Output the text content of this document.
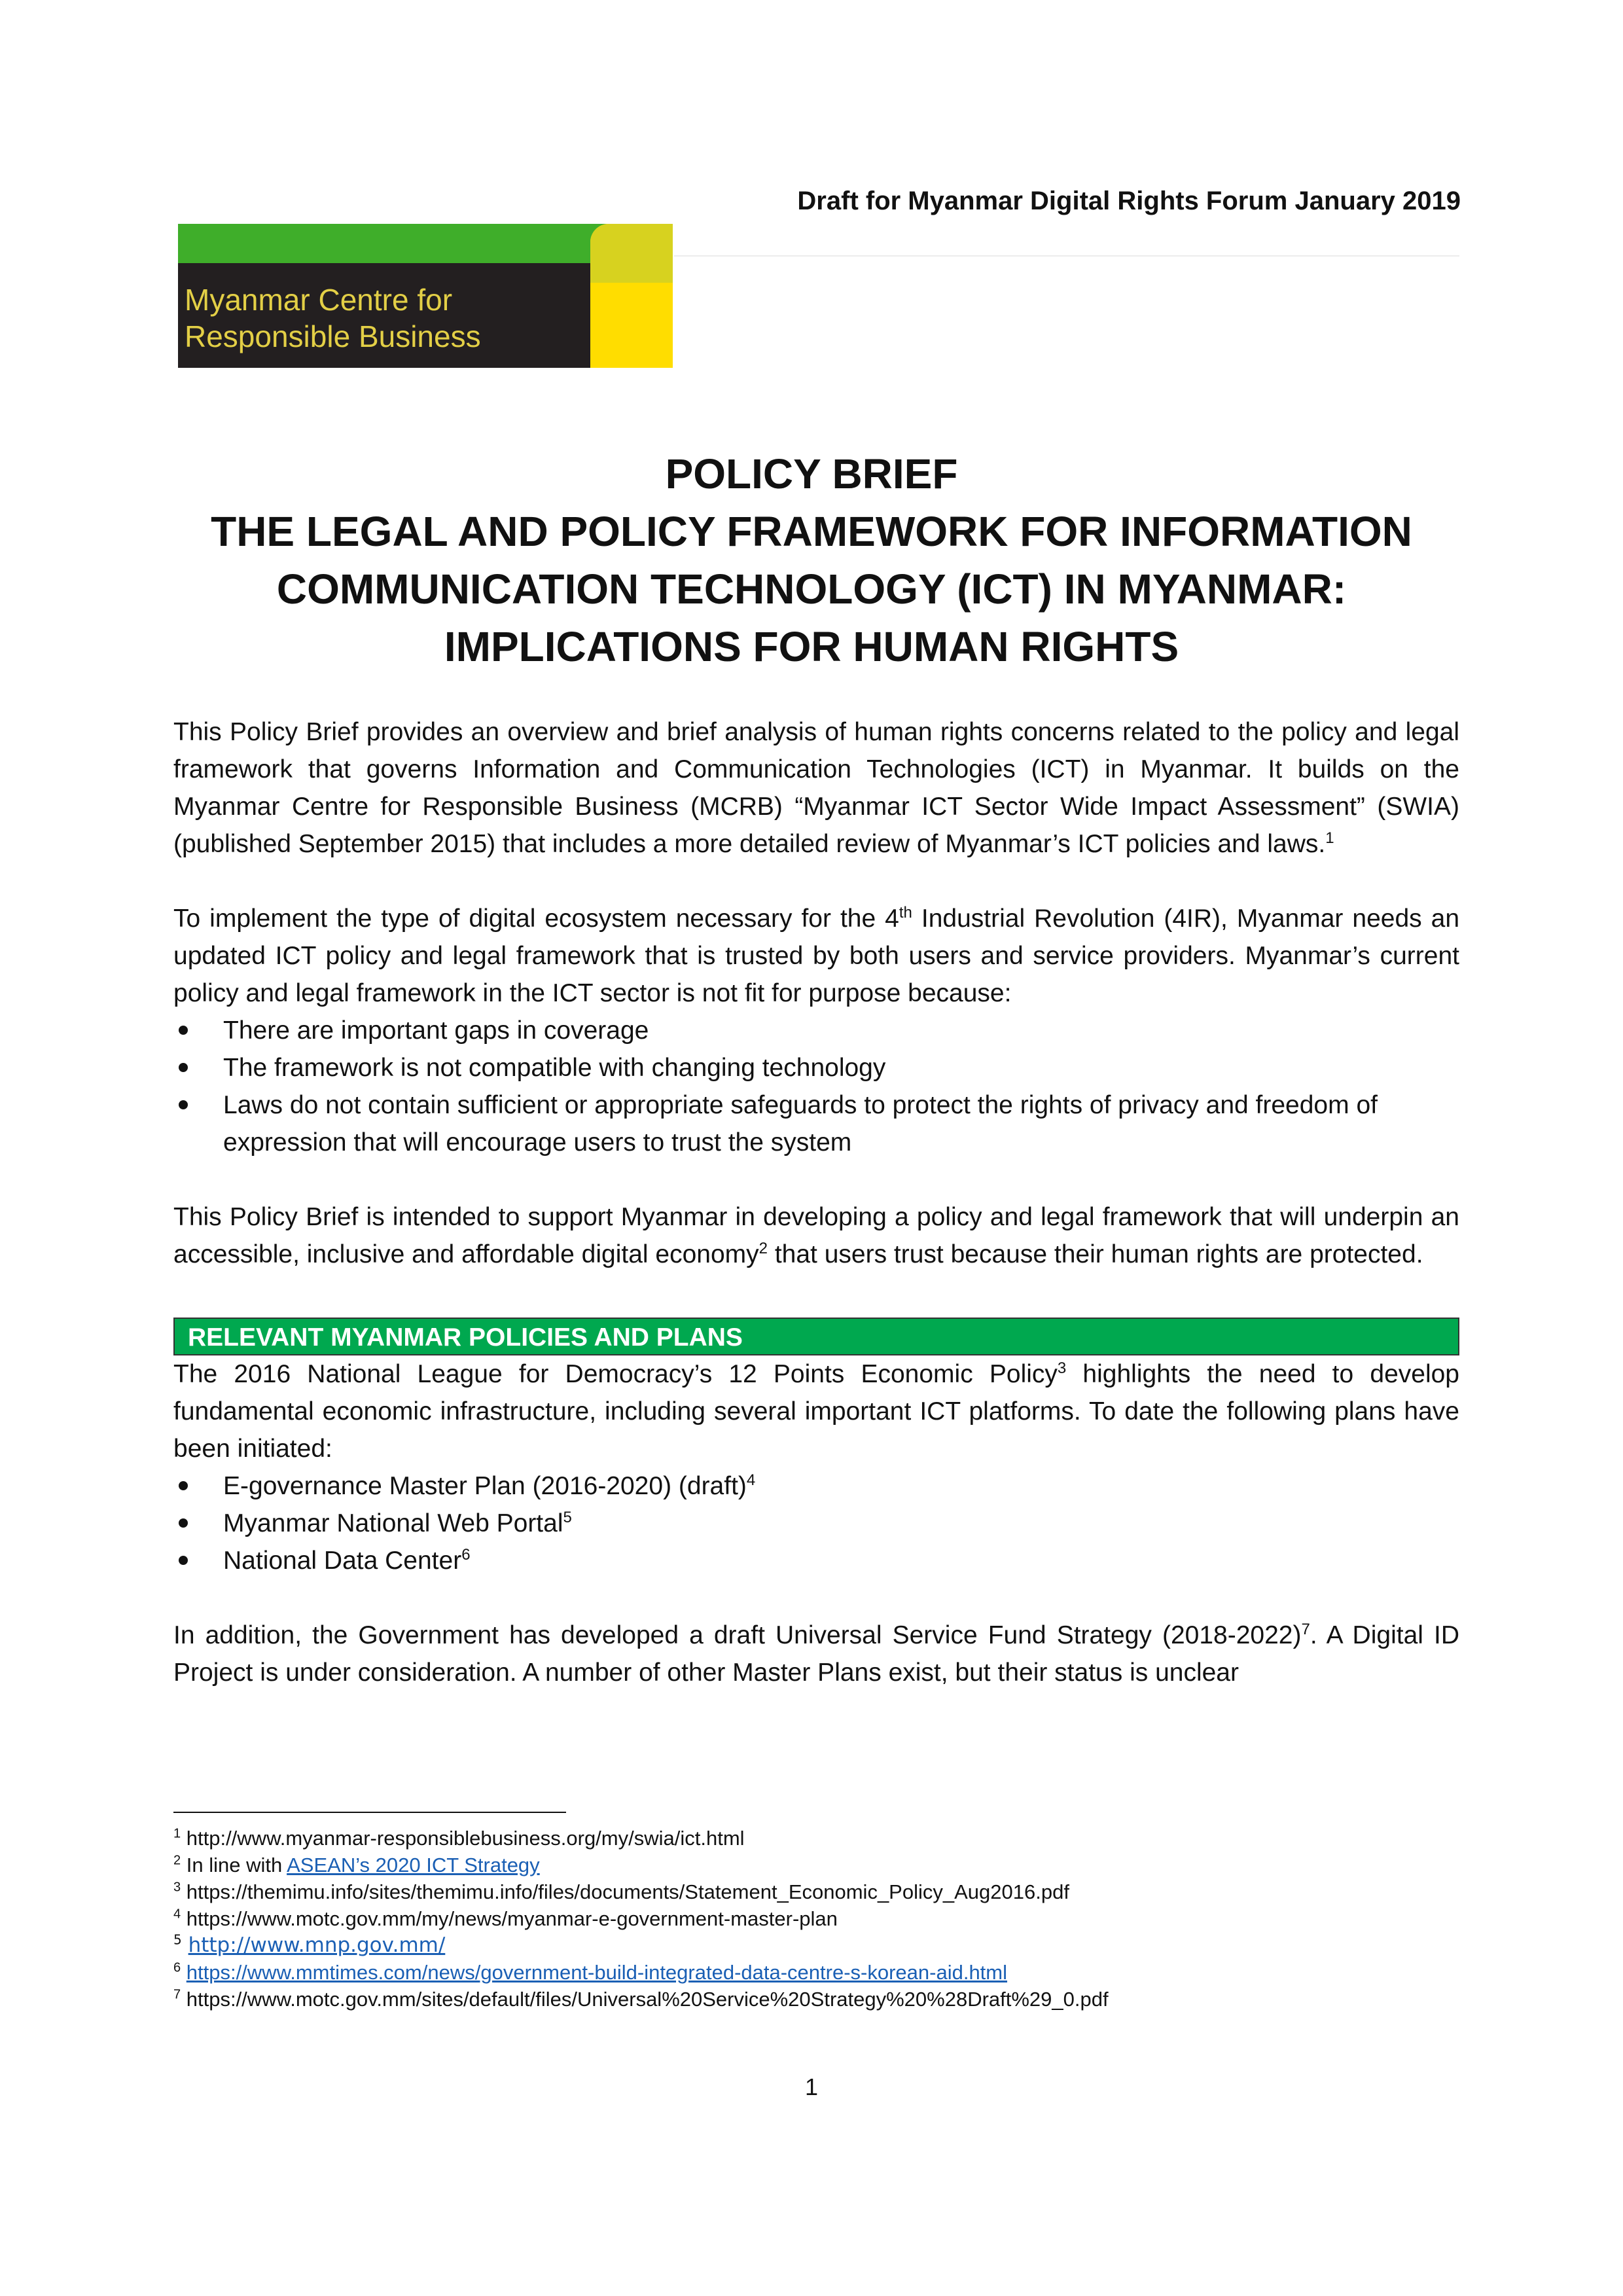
Draft for Myanmar Digital Rights Forum January 2019
Myanmar Centre for
Responsible Business
POLICY BRIEF
THE LEGAL AND POLICY FRAMEWORK FOR INFORMATION
COMMUNICATION TECHNOLOGY (ICT) IN MYANMAR:
IMPLICATIONS FOR HUMAN RIGHTS

This Policy Brief provides an overview and brief analysis of human rights concerns related to the policy and legal framework that governs Information and Communication Technologies (ICT) in Myanmar. It builds on the Myanmar Centre for Responsible Business (MCRB) “Myanmar ICT Sector Wide Impact Assessment” (SWIA) (published September 2015) that includes a more detailed review of Myanmar’s ICT policies and laws.$^1$

To implement the type of digital ecosystem necessary for the 4th Industrial Revolution (4IR), Myanmar needs an updated ICT policy and legal framework that is trusted by both users and service providers. Myanmar’s current policy and legal framework in the ICT sector is not fit for purpose because:

There are important gaps in coverage
The framework is not compatible with changing technology
Laws do not contain sufficient or appropriate safeguards to protect the rights of privacy and freedom of expression that will encourage users to trust the system

This Policy Brief is intended to support Myanmar in developing a policy and legal framework that will underpin an accessible, inclusive and affordable digital economy$^2$ that users trust because their human rights are protected.

RELEVANT MYANMAR POLICIES AND PLANS

The 2016 National League for Democracy’s 12 Points Economic Policy$^3$ highlights the need to develop fundamental economic infrastructure, including several important ICT platforms. To date the following plans have been initiated:

E-governance Master Plan (2016-2020) (draft)$^4$
Myanmar National Web Portal$^5$
National Data Center$^6$

In addition, the Government has developed a draft Universal Service Fund Strategy (2018-2022)$^7$. A Digital ID Project is under consideration. A number of other Master Plans exist, but their status is unclear

$^1$ http://www.myanmar-responsiblebusiness.org/my/swia/ict.html
$^2$ In line with ASEAN’s 2020 ICT Strategy
$^3$ https://themimu.info/sites/themimu.info/files/documents/Statement_Economic_Policy_Aug2016.pdf
$^4$ https://www.motc.gov.mm/my/news/myanmar-e-government-master-plan
$^5$ http://www.mnp.gov.mm/
$^6$ https://www.mmtimes.com/news/government-build-integrated-data-centre-s-korean-aid.html
$^7$ https://www.motc.gov.mm/sites/default/files/Universal%20Service%20Strategy%20%28Draft%29_0.pdf
1
